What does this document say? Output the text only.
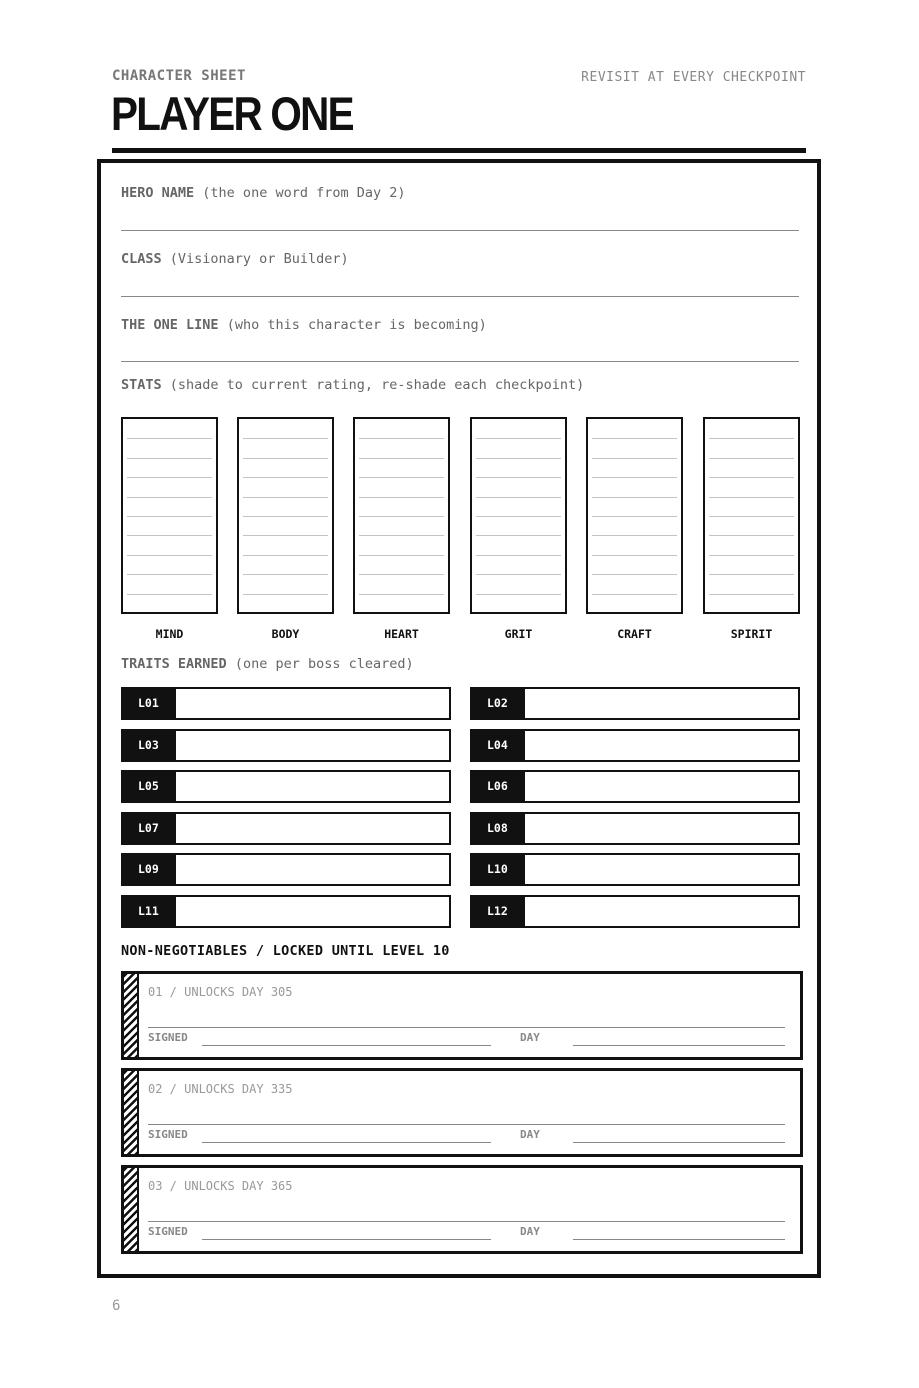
CHARACTER SHEET	REVISIT AT EVERY CHECKPOINT
PLAYER ONE
HERO NAME (the one word from Day 2)
CLASS (Visionary or Builder)
THE ONE LINE (who this character is becoming)
STATS (shade to current rating, re-shade each checkpoint)
MIND	BODY	HEART	GRIT	CRAFT	SPIRIT
TRAITS EARNED (one per boss cleared)
L01	L02
L03	L04
L05	L06
L07	L08
L09	L10
L11	L12
NON-NEGOTIABLES / LOCKED UNTIL LEVEL 10
01 / UNLOCKS DAY 305
SIGNED	DAY
02 / UNLOCKS DAY 335
SIGNED	DAY
03 / UNLOCKS DAY 365
SIGNED	DAY
6
